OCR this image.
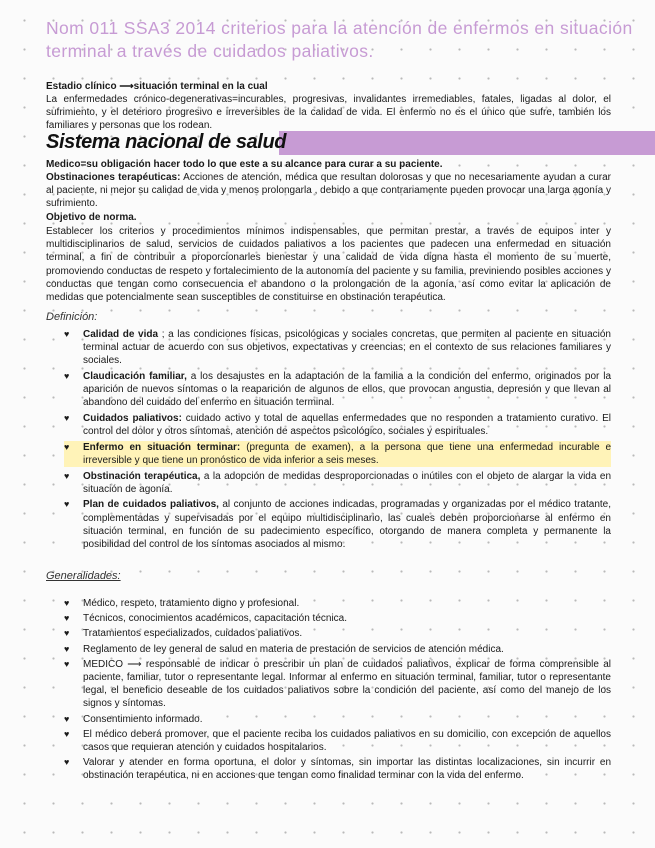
Nom 011 SSA3 2014 criterios para la atención de enfermos en situación terminal a través de cuidados paliativos.
Estadio clínico ⟶situación terminal en la cual
La enfermedades crónico-degenerativas=incurables, progresivas, invalidantes irremediables, fatales, ligadas al dolor, el sufrimiento, y el deterioro progresivo e irreversibles de la calidad de vida. El enfermo no es el único que sufre, también los familiares y personas que los rodean.
Sistema nacional de salud
Medico=su obligación hacer todo lo que este a su alcance para curar a su paciente.
Obstinaciones terapéuticas: Acciones de atención, médica que resultan dolorosas y que no necesariamente ayudan a curar al paciente, ni mejor su calidad de vida y menos prolongarla , debido a que contrariamente pueden provocar una larga agonía y sufrimiento.
Objetivo de norma.
Establecer los criterios y procedimientos mínimos indispensables, que permitan prestar, a través de equipos inter y multidisciplinarios de salud, servicios de cuidados paliativos a los pacientes que padecen una enfermedad en situación terminal, a fin de contribuir a proporcionarles bienestar y una calidad de vida digna hasta el momento de su muerte, promoviendo conductas de respeto y fortalecimiento de la autonomía del paciente y su familia, previniendo posibles acciones y conductas que tengan como consecuencia el abandono o la prolongación de la agonía, así como evitar la aplicación de medidas que potencialmente sean susceptibles de constituirse en obstinación terapéutica.
Definición:
♥ Calidad de vida ; a las condiciones físicas, psicológicas y sociales concretas, que permiten al paciente en situación terminal actuar de acuerdo con sus objetivos, expectativas y creencias; en el contexto de sus relaciones familiares y sociales.
♥ Claudicación familiar, a los desajustes en la adaptación de la familia a la condición del enfermo, originados por la aparición de nuevos síntomas o la reaparición de algunos de ellos, que provocan angustia, depresión y que llevan al abandono del cuidado del enfermo en situación terminal.
♥ Cuidados paliativos: cuidado activo y total de aquellas enfermedades que no responden a tratamiento curativo. El control del dolor y otros síntomas, atención de aspectos psicológico, sociales y espirituales.
♥ Enfermo en situación terminar: (pregunta de examen), a la persona que tiene una enfermedad incurable e irreversible y que tiene un pronóstico de vida inferior a seis meses.
♥ Obstinación terapéutica, a la adopción de medidas desproporcionadas o inútiles con el objeto de alargar la vida en situación de agonía.
♥ Plan de cuidados paliativos, al conjunto de acciones indicadas, programadas y organizadas por el médico tratante, complementadas y supervisadas por el equipo multidisciplinario, las cuales deben proporcionarse al enfermo en situación terminal, en función de su padecimiento específico, otorgando de manera completa y permanente la posibilidad del control de los síntomas asociados al mismo.
Generalidades:
♥ Médico, respeto, tratamiento digno y profesional.
♥ Técnicos, conocimientos académicos, capacitación técnica.
♥ Tratamientos especializados, cuidados paliativos.
♥ Reglamento de ley general de salud en materia de prestación de servicios de atención médica.
♥ MEDICO ⟶ responsable de indicar o prescribir un plan de cuidados paliativos, explicar de forma comprensible al paciente, familiar, tutor o representante legal. Informar al enfermo en situación terminal, familiar, tutor o representante legal, el beneficio deseable de los cuidados paliativos sobre la condición del paciente, así como del manejo de los signos y síntomas.
♥ Consentimiento informado.
♥ El médico deberá promover, que el paciente reciba los cuidados paliativos en su domicilio, con excepción de aquellos casos que requieran atención y cuidados hospitalarios.
♥ Valorar y atender en forma oportuna, el dolor y síntomas, sin importar las distintas localizaciones, sin incurrir en obstinación terapéutica, ni en acciones que tengan como finalidad terminar con la vida del enfermo.
